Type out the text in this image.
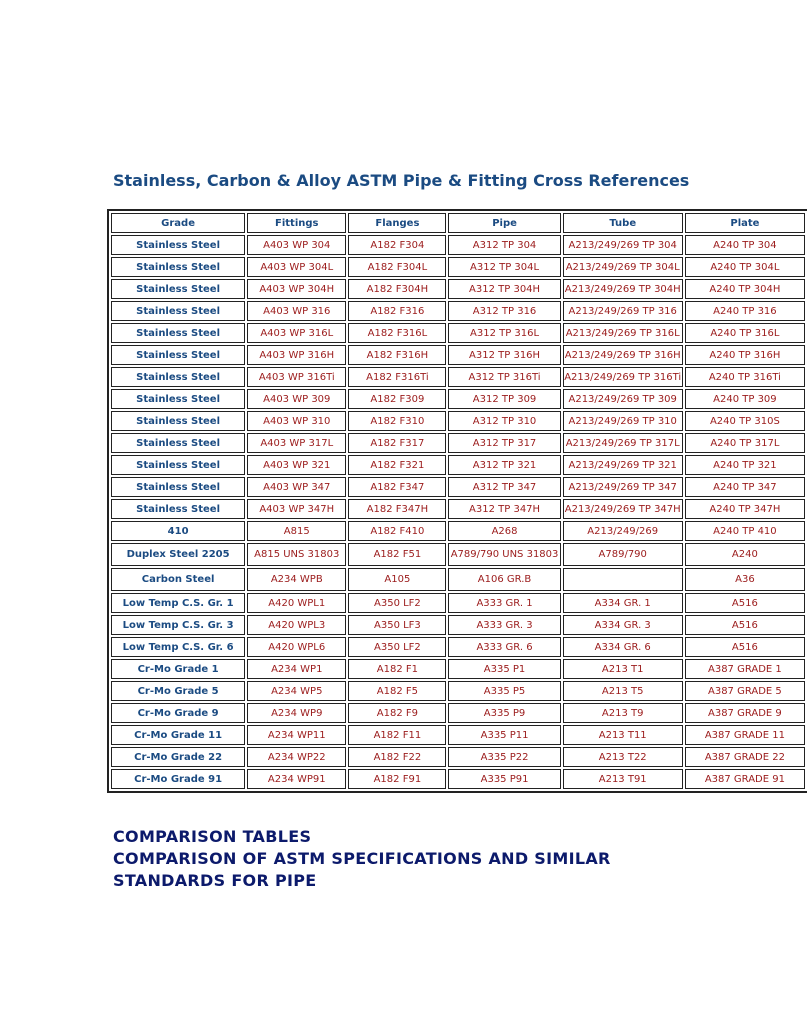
Stainless, Carbon & Alloy ASTM Pipe & Fitting Cross References
Grade	Fittings	Flanges	Pipe	Tube	Plate
Stainless Steel	A403 WP 304	A182 F304	A312 TP 304	A213/249/269 TP 304	A240 TP 304
Stainless Steel	A403 WP 304L	A182 F304L	A312 TP 304L	A213/249/269 TP 304L	A240 TP 304L
Stainless Steel	A403 WP 304H	A182 F304H	A312 TP 304H	A213/249/269 TP 304H	A240 TP 304H
Stainless Steel	A403 WP 316	A182 F316	A312 TP 316	A213/249/269 TP 316	A240 TP 316
Stainless Steel	A403 WP 316L	A182 F316L	A312 TP 316L	A213/249/269 TP 316L	A240 TP 316L
Stainless Steel	A403 WP 316H	A182 F316H	A312 TP 316H	A213/249/269 TP 316H	A240 TP 316H
Stainless Steel	A403 WP 316Ti	A182 F316Ti	A312 TP 316Ti	A213/249/269 TP 316Ti	A240 TP 316Ti
Stainless Steel	A403 WP 309	A182 F309	A312 TP 309	A213/249/269 TP 309	A240 TP 309
Stainless Steel	A403 WP 310	A182 F310	A312 TP 310	A213/249/269 TP 310	A240 TP 310S
Stainless Steel	A403 WP 317L	A182 F317	A312 TP 317	A213/249/269 TP 317L	A240 TP 317L
Stainless Steel	A403 WP 321	A182 F321	A312 TP 321	A213/249/269 TP 321	A240 TP 321
Stainless Steel	A403 WP 347	A182 F347	A312 TP 347	A213/249/269 TP 347	A240 TP 347
Stainless Steel	A403 WP 347H	A182 F347H	A312 TP 347H	A213/249/269 TP 347H	A240 TP 347H
410	A815	A182 F410	A268	A213/249/269	A240 TP 410
Duplex Steel 2205	A815 UNS 31803	A182 F51	A789/790 UNS 31803	A789/790	A240
Carbon Steel	A234 WPB	A105	A106 GR.B		A36
Low Temp C.S. Gr. 1	A420 WPL1	A350 LF2	A333 GR. 1	A334 GR. 1	A516
Low Temp C.S. Gr. 3	A420 WPL3	A350 LF3	A333 GR. 3	A334 GR. 3	A516
Low Temp C.S. Gr. 6	A420 WPL6	A350 LF2	A333 GR. 6	A334 GR. 6	A516
Cr-Mo Grade 1	A234 WP1	A182 F1	A335 P1	A213 T1	A387 GRADE 1
Cr-Mo Grade 5	A234 WP5	A182 F5	A335 P5	A213 T5	A387 GRADE 5
Cr-Mo Grade 9	A234 WP9	A182 F9	A335 P9	A213 T9	A387 GRADE 9
Cr-Mo Grade 11	A234 WP11	A182 F11	A335 P11	A213 T11	A387 GRADE 11
Cr-Mo Grade 22	A234 WP22	A182 F22	A335 P22	A213 T22	A387 GRADE 22
Cr-Mo Grade 91	A234 WP91	A182 F91	A335 P91	A213 T91	A387 GRADE 91
COMPARISON TABLES
COMPARISON OF ASTM SPECIFICATIONS AND SIMILAR
STANDARDS FOR PIPE
